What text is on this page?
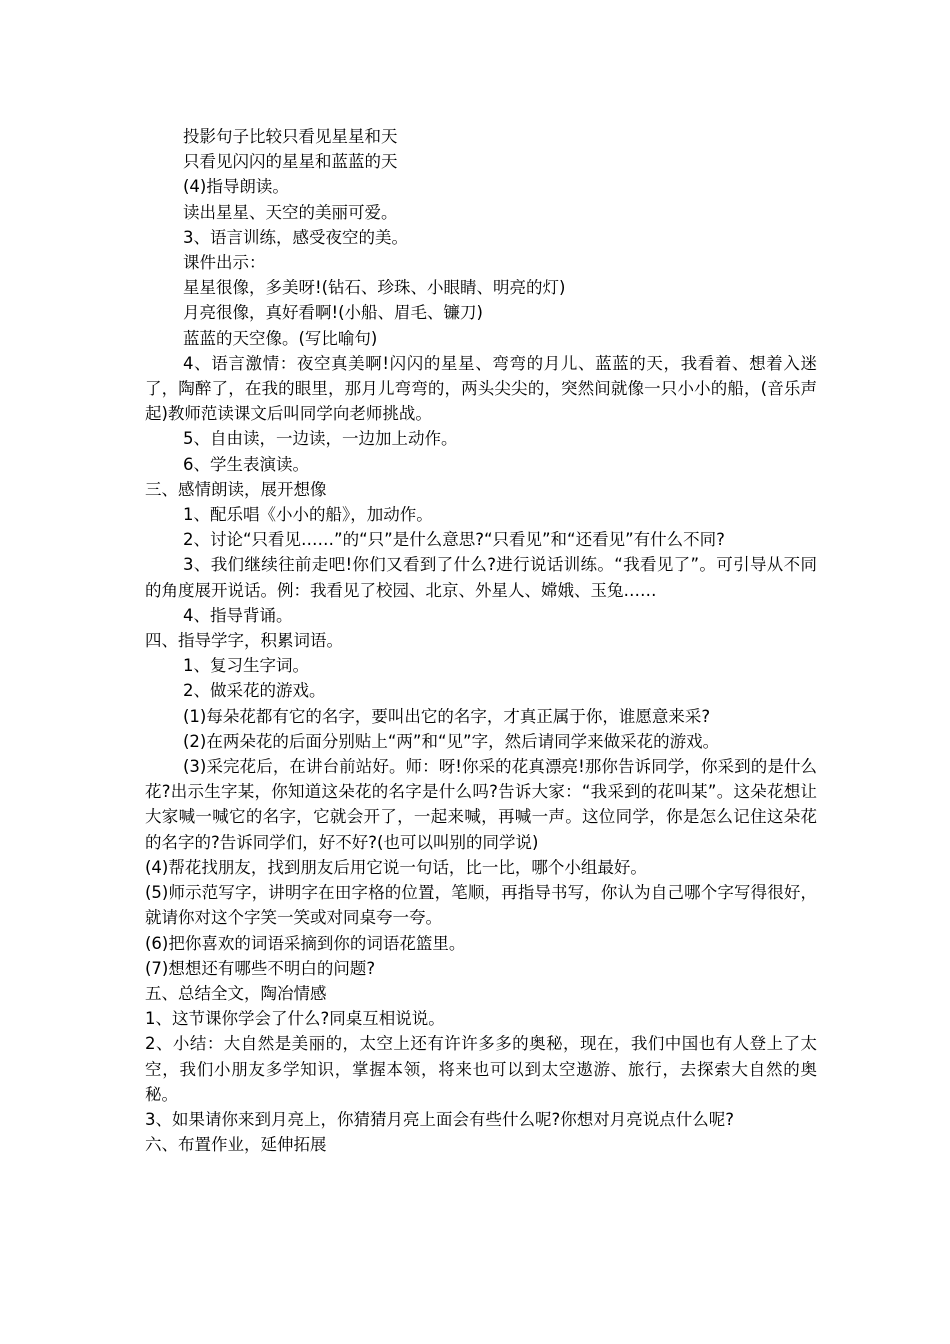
投影句子比较只看见星星和天
只看见闪闪的星星和蓝蓝的天
(4)指导朗读。
读出星星、天空的美丽可爱。
3、语言训练，感受夜空的美。
课件出示：
星星很像，多美呀!(钻石、珍珠、小眼睛、明亮的灯)
月亮很像，真好看啊!(小船、眉毛、镰刀)
蓝蓝的天空像。(写比喻句)
4、语言激情：夜空真美啊!闪闪的星星、弯弯的月儿、蓝蓝的天，我看着、想着入迷了，陶醉了，在我的眼里，那月儿弯弯的，两头尖尖的，突然间就像一只小小的船，(音乐声起)教师范读课文后叫同学向老师挑战。
5、自由读，一边读，一边加上动作。
6、学生表演读。
三、感情朗读，展开想像
1、配乐唱《小小的船》，加动作。
2、讨论“只看见……”的“只”是什么意思?“只看见”和“还看见”有什么不同?
3、我们继续往前走吧!你们又看到了什么?进行说话训练。“我看见了”。可引导从不同的角度展开说话。例：我看见了校园、北京、外星人、嫦娥、玉兔……
4、指导背诵。
四、指导学字，积累词语。
1、复习生字词。
2、做采花的游戏。
(1)每朵花都有它的名字，要叫出它的名字，才真正属于你，谁愿意来采?
(2)在两朵花的后面分别贴上“两”和“见”字，然后请同学来做采花的游戏。
(3)采完花后，在讲台前站好。师：呀!你采的花真漂亮!那你告诉同学，你采到的是什么花?出示生字某，你知道这朵花的名字是什么吗?告诉大家：“我采到的花叫某”。这朵花想让大家喊一喊它的名字，它就会开了，一起来喊，再喊一声。这位同学，你是怎么记住这朵花的名字的?告诉同学们，好不好?(也可以叫别的同学说)
(4)帮花找朋友，找到朋友后用它说一句话，比一比，哪个小组最好。
(5)师示范写字，讲明字在田字格的位置，笔顺，再指导书写，你认为自己哪个字写得很好，就请你对这个字笑一笑或对同桌夸一夸。
(6)把你喜欢的词语采摘到你的词语花篮里。
(7)想想还有哪些不明白的问题?
五、总结全文，陶冶情感
1、这节课你学会了什么?同桌互相说说。
2、小结：大自然是美丽的，太空上还有许许多多的奥秘，现在，我们中国也有人登上了太空，我们小朋友多学知识，掌握本领，将来也可以到太空遨游、旅行，去探索大自然的奥秘。
3、如果请你来到月亮上，你猜猜月亮上面会有些什么呢?你想对月亮说点什么呢?
六、布置作业，延伸拓展
